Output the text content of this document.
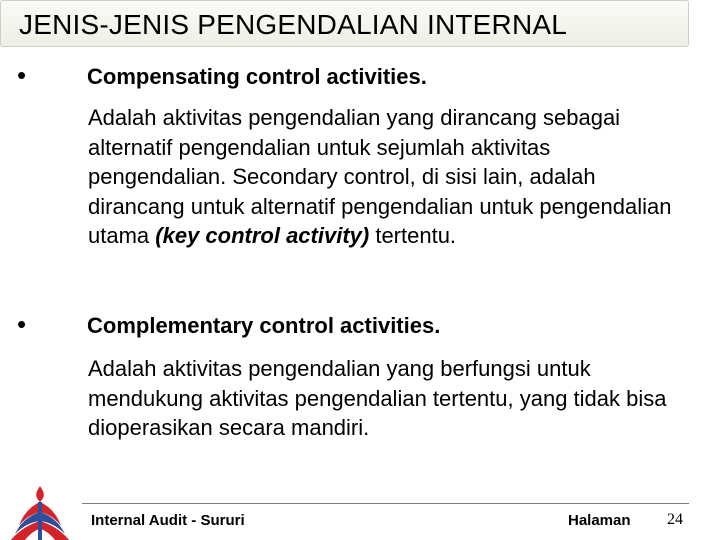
JENIS-JENIS PENGENDALIAN INTERNAL
•	Compensating control activities.
Adalah aktivitas pengendalian yang dirancang sebagai alternatif pengendalian untuk sejumlah aktivitas pengendalian. Secondary control, di sisi lain, adalah dirancang untuk alternatif pengendalian untuk pengendalian utama (key control activity) tertentu.
•	Complementary control activities.
Adalah aktivitas pengendalian yang berfungsi untuk mendukung aktivitas pengendalian tertentu, yang tidak bisa dioperasikan secara mandiri.
Internal Audit - Sururi	Halaman 24
